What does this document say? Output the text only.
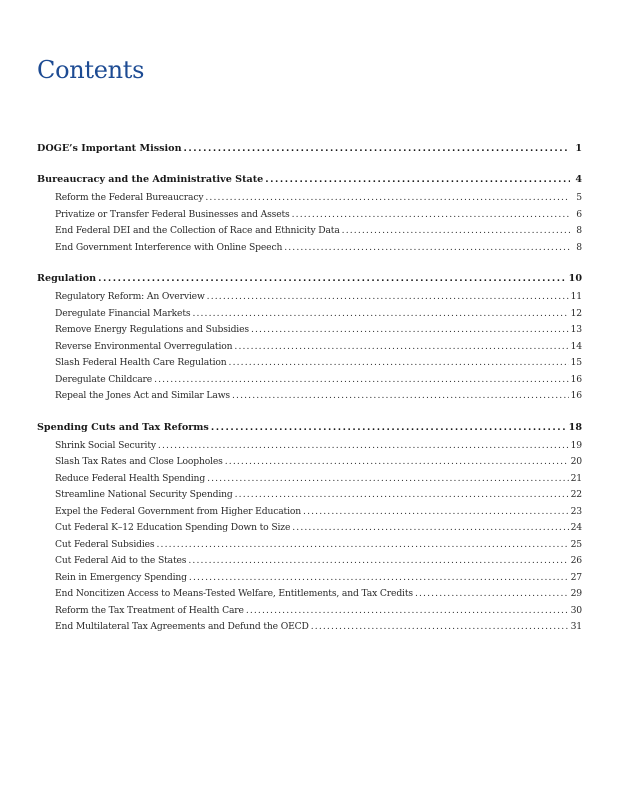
Contents
DOGE’s Important Mission . . .	1
Bureaucracy and the Administrative State . . .	4
Reform the Federal Bureaucracy . . .	5
Privatize or Transfer Federal Businesses and Assets . . .	6
End Federal DEI and the Collection of Race and Ethnicity Data . . .	8
End Government Interference with Online Speech . . .	8
Regulation . . .	10
Regulatory Reform: An Overview . . .	11
Deregulate Financial Markets . . .	12
Remove Energy Regulations and Subsidies . . .	13
Reverse Environmental Overregulation . . .	14
Slash Federal Health Care Regulation . . .	15
Deregulate Childcare . . .	16
Repeal the Jones Act and Similar Laws . . .	16
Spending Cuts and Tax Reforms . . .	18
Shrink Social Security . . .	19
Slash Tax Rates and Close Loopholes . . .	20
Reduce Federal Health Spending . . .	21
Streamline National Security Spending . . .	22
Expel the Federal Government from Higher Education . . .	23
Cut Federal K–12 Education Spending Down to Size . . .	24
Cut Federal Subsidies . . .	25
Cut Federal Aid to the States . . .	26
Rein in Emergency Spending . . .	27
End Noncitizen Access to Means-Tested Welfare, Entitlements, and Tax Credits . . .	29
Reform the Tax Treatment of Health Care . . .	30
End Multilateral Tax Agreements and Defund the OECD . . .	31
